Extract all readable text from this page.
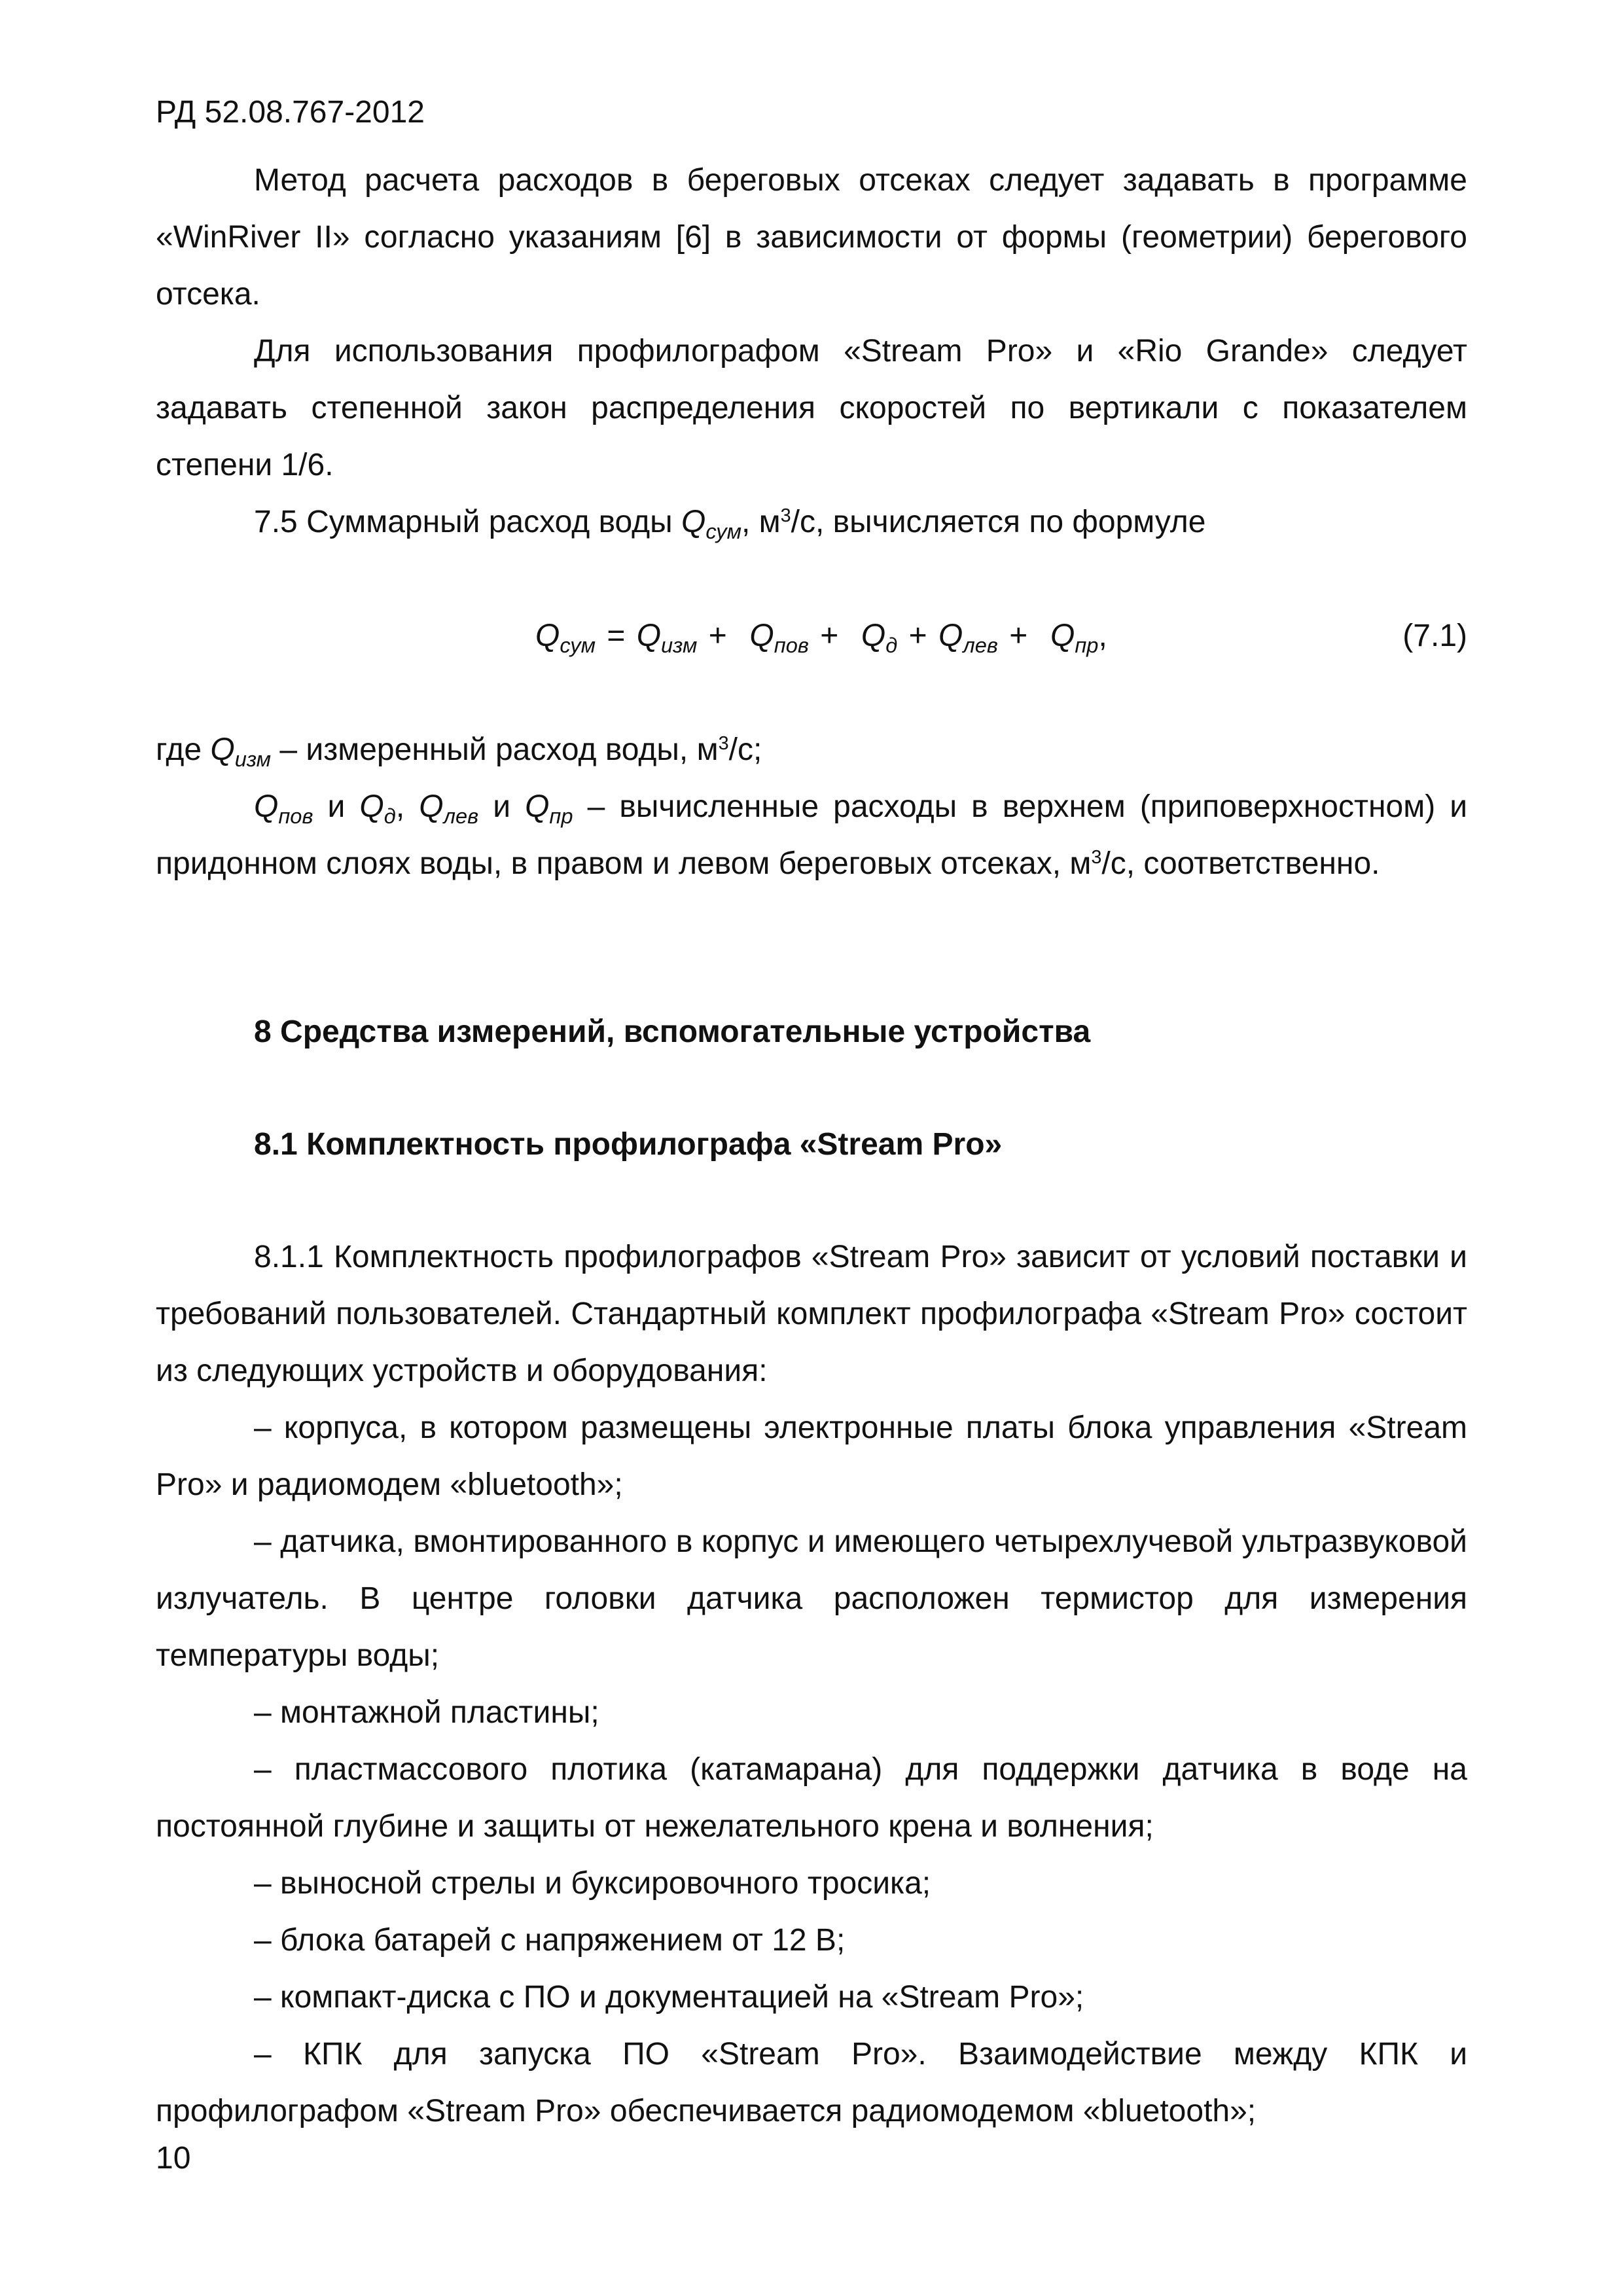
РД 52.08.767-2012

Метод расчета расходов в береговых отсеках следует задавать в программе «WinRiver II» согласно указаниям [6] в зависимости от формы (геометрии) берегового отсека.

Для использования профилографом «Stream Pro» и «Rio Grande» следует задавать степенной закон распределения скоростей по вертикали с показателем степени 1/6.

7.5 Суммарный расход воды $Q_{сум}$, $м^3/с$, вычисляется по формуле

$Q_{сум} = Q_{изм} + Q_{пов} + Q_д + Q_{лев} + Q_{пр}$,	(7.1)

где $Q_{изм}$ – измеренный расход воды, $м^3/с$;

$Q_{пов}$ и $Q_д$, $Q_{лев}$ и $Q_{пр}$ – вычисленные расходы в верхнем (приповерхностном) и придонном слоях воды, в правом и левом береговых отсеках, $м^3/с$, соответственно.

8 Средства измерений, вспомогательные устройства
8.1 Комплектность профилографа «Stream Pro»

8.1.1 Комплектность профилографов «Stream Pro» зависит от условий поставки и требований пользователей. Стандартный комплект профилографа «Stream Pro» состоит из следующих устройств и оборудования:

– корпуса, в котором размещены электронные платы блока управления «Stream Pro» и радиомодем «bluetooth»;

– датчика, вмонтированного в корпус и имеющего четырехлучевой ультразвуковой излучатель. В центре головки датчика расположен термистор для измерения температуры воды;

– монтажной пластины;

– пластмассового плотика (катамарана) для поддержки датчика в воде на постоянной глубине и защиты от нежелательного крена и волнения;

– выносной стрелы и буксировочного тросика;

– блока батарей с напряжением от 12 В;

– компакт-диска с ПО и документацией на «Stream Pro»;

– КПК для запуска ПО «Stream Pro». Взаимодействие между КПК и профилографом «Stream Pro» обеспечивается радиомодемом «bluetooth»;

10
